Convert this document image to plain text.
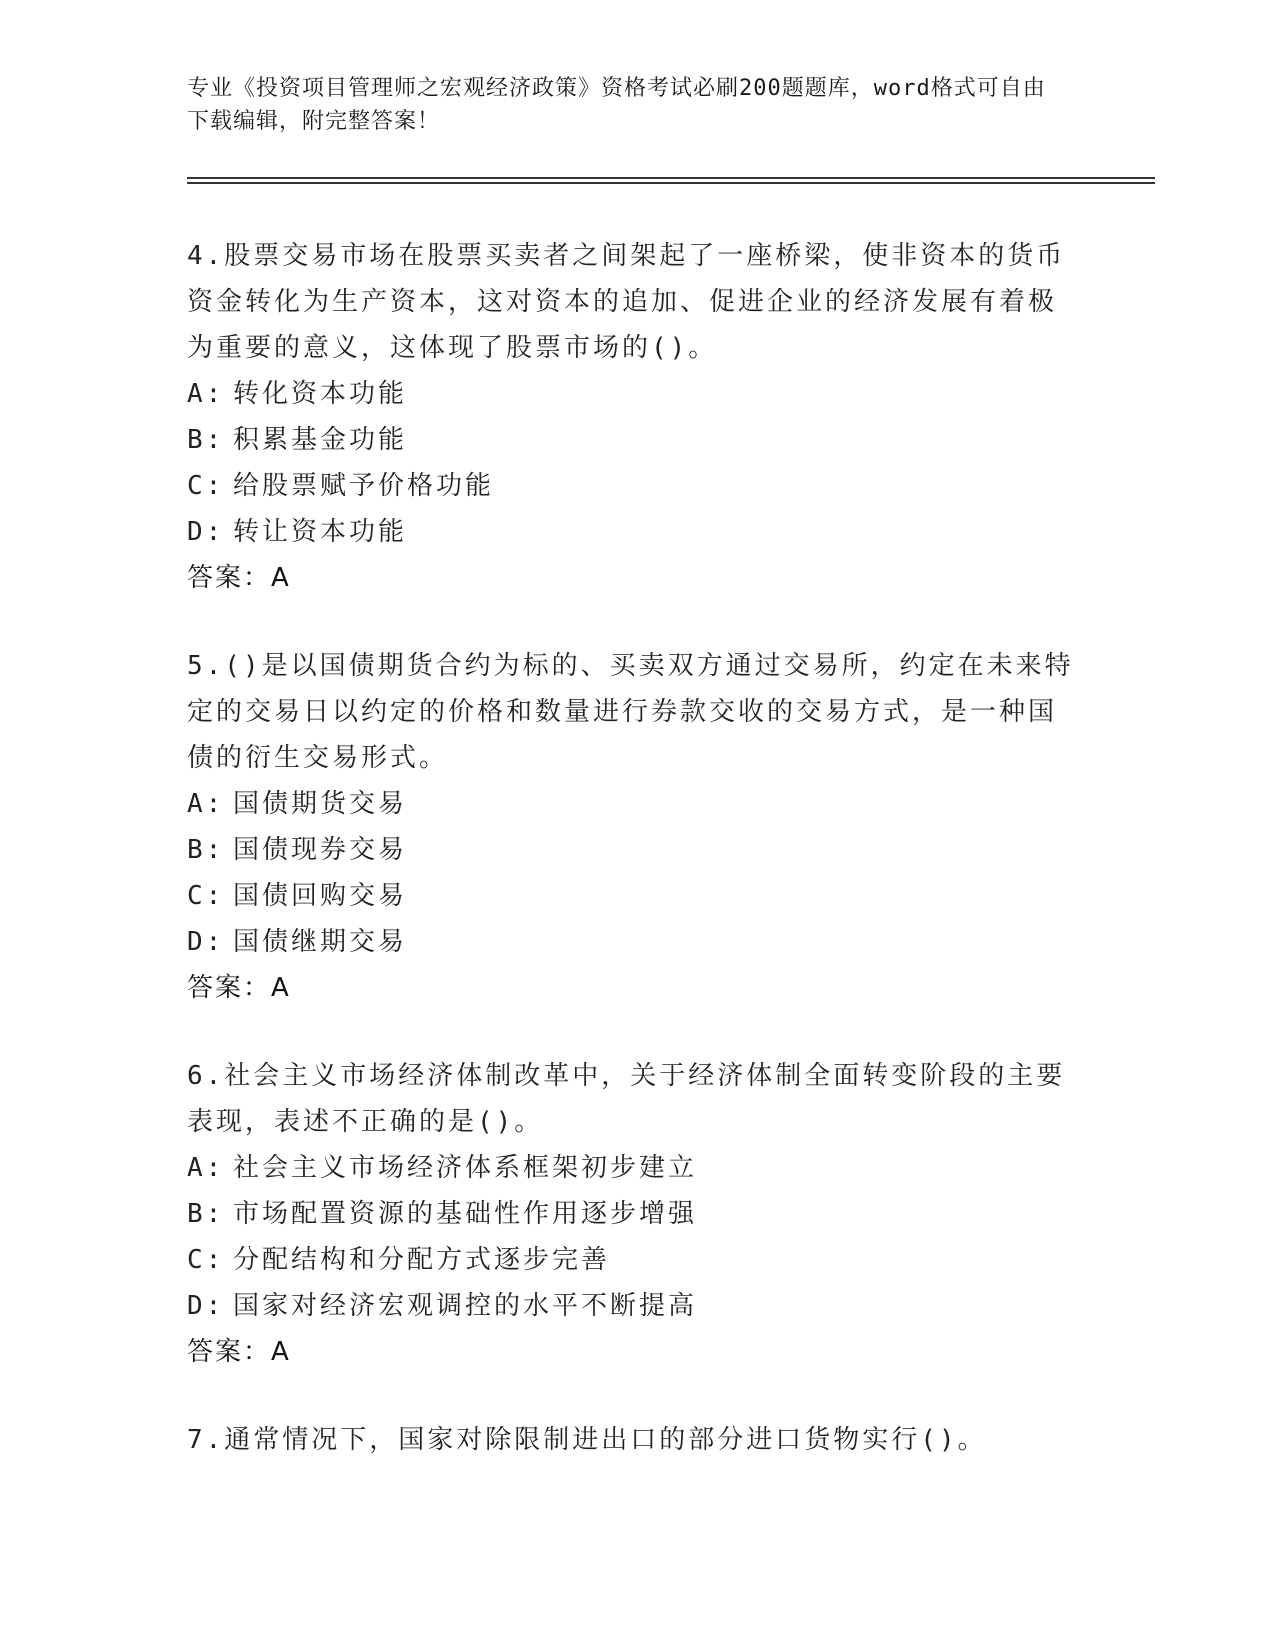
专业《投资项目管理师之宏观经济政策》资格考试必刷200题题库，word格式可自由下载编辑，附完整答案！

4.股票交易市场在股票买卖者之间架起了一座桥梁，使非资本的货币资金转化为生产资本，这对资本的追加、促进企业的经济发展有着极为重要的意义，这体现了股票市场的()。

A: 转化资本功能

B: 积累基金功能

C: 给股票赋予价格功能

D: 转让资本功能

答案：A

5.()是以国债期货合约为标的、买卖双方通过交易所，约定在未来特定的交易日以约定的价格和数量进行券款交收的交易方式，是一种国债的衍生交易形式。

A: 国债期货交易

B: 国债现券交易

C: 国债回购交易

D: 国债继期交易

答案：A

6.社会主义市场经济体制改革中，关于经济体制全面转变阶段的主要表现，表述不正确的是()。

A: 社会主义市场经济体系框架初步建立

B: 市场配置资源的基础性作用逐步增强

C: 分配结构和分配方式逐步完善

D: 国家对经济宏观调控的水平不断提高

答案：A

7.通常情况下，国家对除限制进出口的部分进口货物实行()。
